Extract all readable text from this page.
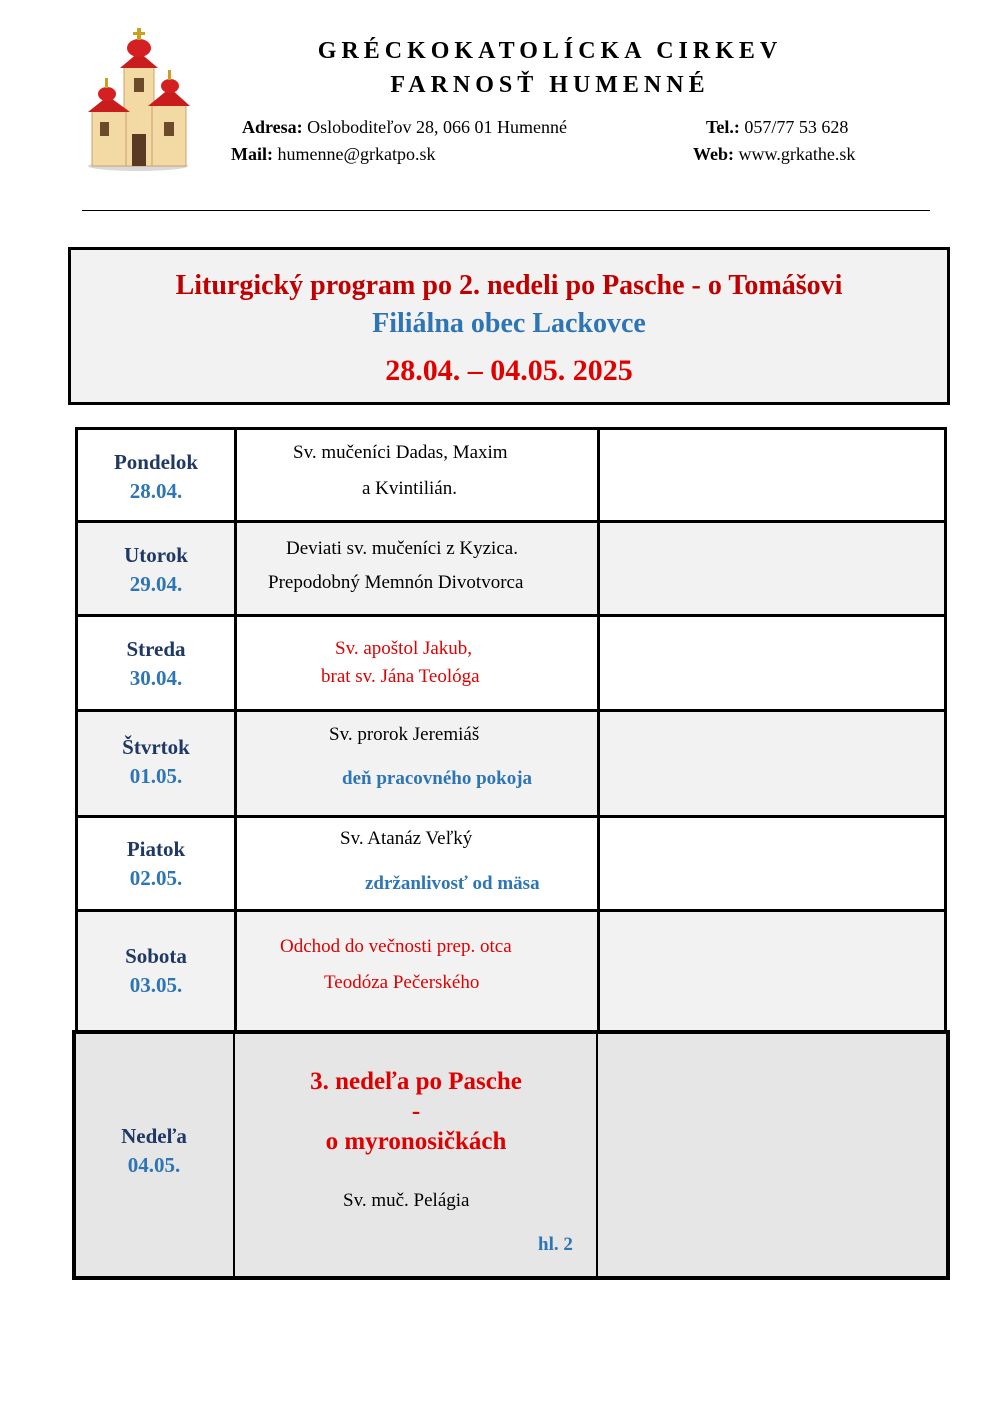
GRÉCKOKATOLÍCKA CIRKEV
FARNOSŤ HUMENNÉ
Adresa: Osloboditeľov 28, 066 01 Humenné	Tel.: 057/77 53 628
Mail: humenne@grkatpo.sk	Web: www.grkathe.sk
Liturgický program po 2. nedeli po Pasche - o Tomášovi
Filiálna obec Lackovce
28.04. – 04.05. 2025
Pondelok
28.04.
Sv. mučeníci Dadas, Maxim
a Kvintilián.
Utorok
29.04.
Deviati sv. mučeníci z Kyzica.
Prepodobný Memnón Divotvorca
Streda
30.04.
Sv. apoštol Jakub,
brat sv. Jána Teológa
Štvrtok
01.05.
Sv. prorok Jeremiáš
deň pracovného pokoja
Piatok
02.05.
Sv. Atanáz Veľký
zdržanlivosť od mäsa
Sobota
03.05.
Odchod do večnosti prep. otca
Teodóza Pečerského
Nedeľa
04.05.
3. nedeľa po Pasche
-
o myronosičkách
Sv. muč. Pelágia
hl. 2
